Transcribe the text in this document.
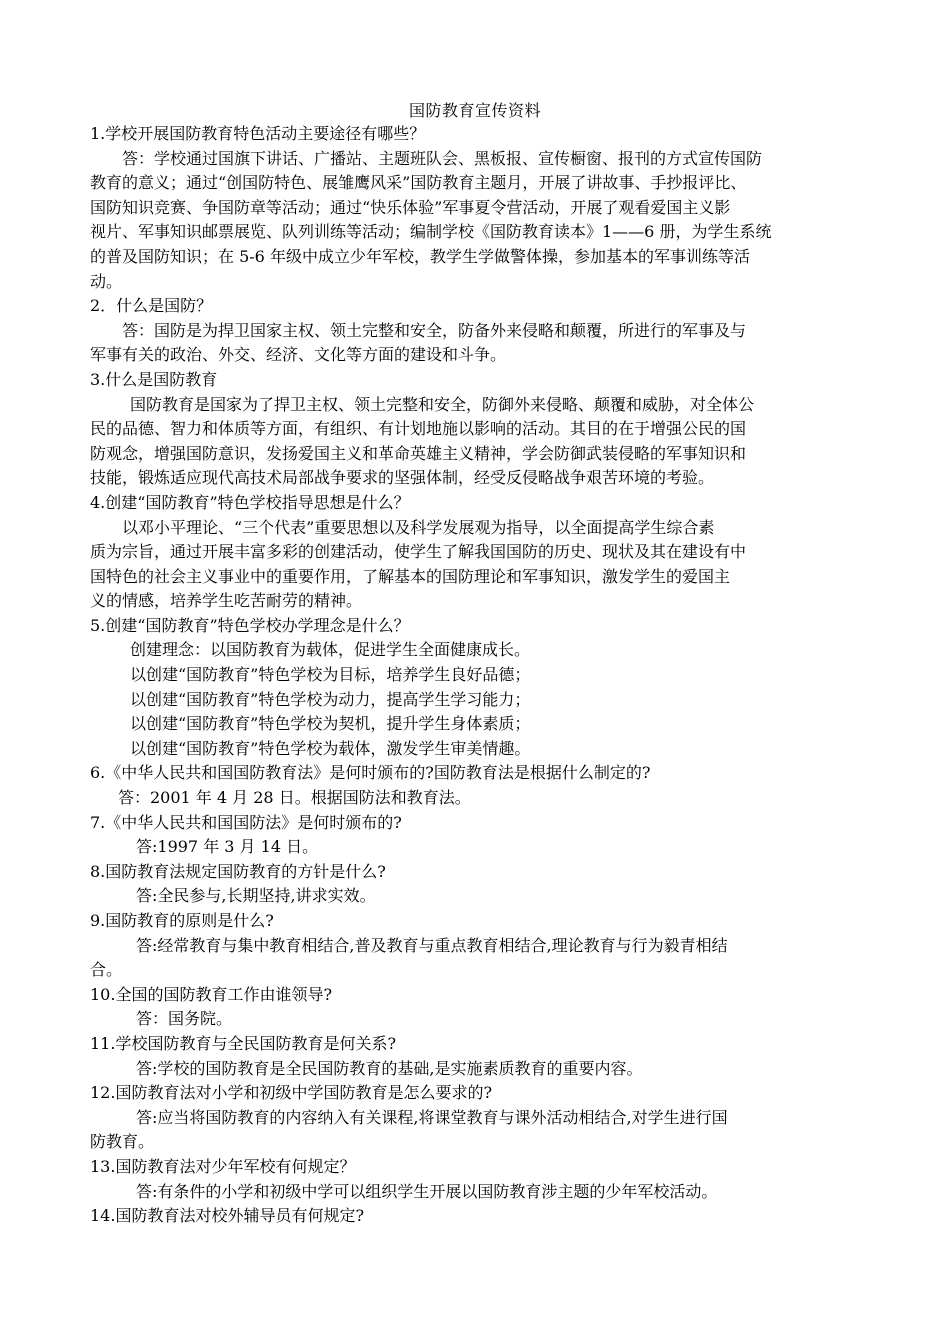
国防教育宣传资料

1.学校开展国防教育特色活动主要途径有哪些？

答：学校通过国旗下讲话、广播站、主题班队会、黑板报、宣传橱窗、报刊的方式宣传国防

教育的意义；通过“创国防特色、展雏鹰风采”国防教育主题月，开展了讲故事、手抄报评比、

国防知识竞赛、争国防章等活动；通过“快乐体验”军事夏令营活动，开展了观看爱国主义影

视片、军事知识邮票展览、队列训练等活动；编制学校《国防教育读本》1——6 册，为学生系统

的普及国防知识；在 5-6 年级中成立少年军校，教学生学做警体操，参加基本的军事训练等活

动。

2．什么是国防？

答：国防是为捍卫国家主权、领土完整和安全，防备外来侵略和颠覆，所进行的军事及与

军事有关的政治、外交、经济、文化等方面的建设和斗争。

3.什么是国防教育

国防教育是国家为了捍卫主权、领土完整和安全，防御外来侵略、颠覆和威胁，对全体公

民的品德、智力和体质等方面，有组织、有计划地施以影响的活动。其目的在于增强公民的国

防观念，增强国防意识，发扬爱国主义和革命英雄主义精神，学会防御武装侵略的军事知识和

技能，锻炼适应现代高技术局部战争要求的坚强体制，经受反侵略战争艰苦环境的考验。

4.创建“国防教育”特色学校指导思想是什么？

以邓小平理论、“三个代表”重要思想以及科学发展观为指导，以全面提高学生综合素

质为宗旨，通过开展丰富多彩的创建活动，使学生了解我国国防的历史、现状及其在建设有中

国特色的社会主义事业中的重要作用，了解基本的国防理论和军事知识，激发学生的爱国主

义的情感，培养学生吃苦耐劳的精神。

5.创建“国防教育”特色学校办学理念是什么？

创建理念：以国防教育为载体，促进学生全面健康成长。

以创建“国防教育”特色学校为目标，培养学生良好品德；

以创建“国防教育”特色学校为动力，提高学生学习能力；

以创建“国防教育”特色学校为契机，提升学生身体素质；

以创建“国防教育”特色学校为载体，激发学生审美情趣。

6.《中华人民共和国国防教育法》是何时颁布的?国防教育法是根据什么制定的?

答：2001 年 4 月 28 日。根据国防法和教育法。

7.《中华人民共和国国防法》是何时颁布的?

答:1997 年 3 月 14 日。

8.国防教育法规定国防教育的方针是什么?

答:全民参与,长期坚持,讲求实效。

9.国防教育的原则是什么?

答:经常教育与集中教育相结合,普及教育与重点教育相结合,理论教育与行为毅青相结

合。

10.全国的国防教育工作由谁领导?

答：国务院。

11.学校国防教育与全民国防教育是何关系?

答:学校的国防教育是全民国防教育的基础,是实施素质教育的重要内容。

12.国防教育法对小学和初级中学国防教育是怎么要求的?

答:应当将国防教育的内容纳入有关课程,将课堂教育与课外活动相结合,对学生进行国

防教育。

13.国防教育法对少年军校有何规定？

答:有条件的小学和初级中学可以组织学生开展以国防教育涉主题的少年军校活动。

14.国防教育法对校外辅导员有何规定?
